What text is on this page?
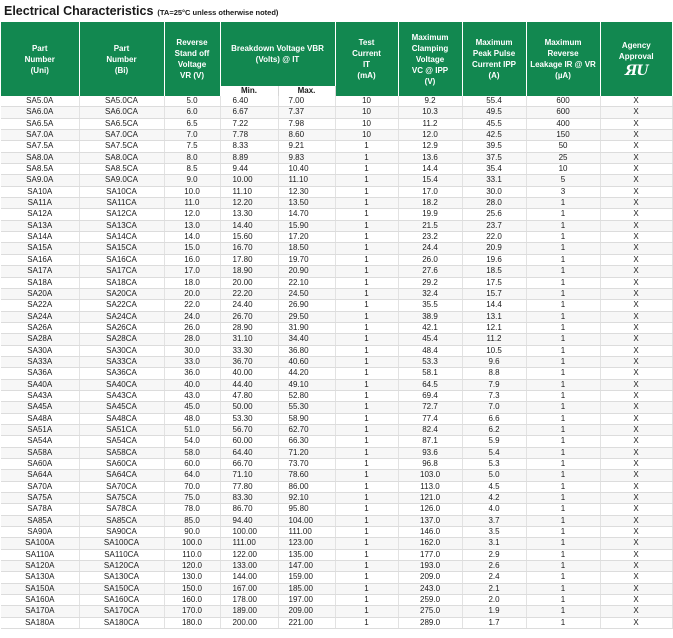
Electrical Characteristics (TA=25°C unless otherwise noted)
Part
Number
(Uni)	Part
Number
(Bi)	Reverse
Stand off
Voltage
VR (V)	Breakdown Voltage VBR
(Volts) @ IT		Test
Current
IT
(mA)	Maximum
Clamping
Voltage
VC @ IPP
(V)	Maximum
Peak Pulse
Current IPP
(A)	Maximum
Reverse
Leakage IR @ VR
(µA)	Agency
Approval
ЯU
			Min.	Max.					
SA5.0A	SA5.0CA	5.0	6.40	7.00	10	9.2	55.4	600	X
SA6.0A	SA6.0CA	6.0	6.67	7.37	10	10.3	49.5	600	X
SA6.5A	SA6.5CA	6.5	7.22	7.98	10	11.2	45.5	400	X
SA7.0A	SA7.0CA	7.0	7.78	8.60	10	12.0	42.5	150	X
SA7.5A	SA7.5CA	7.5	8.33	9.21	1	12.9	39.5	50	X
SA8.0A	SA8.0CA	8.0	8.89	9.83	1	13.6	37.5	25	X
SA8.5A	SA8.5CA	8.5	9.44	10.40	1	14.4	35.4	10	X
SA9.0A	SA9.0CA	9.0	10.00	11.10	1	15.4	33.1	5	X
SA10A	SA10CA	10.0	11.10	12.30	1	17.0	30.0	3	X
SA11A	SA11CA	11.0	12.20	13.50	1	18.2	28.0	1	X
SA12A	SA12CA	12.0	13.30	14.70	1	19.9	25.6	1	X
SA13A	SA13CA	13.0	14.40	15.90	1	21.5	23.7	1	X
SA14A	SA14CA	14.0	15.60	17.20	1	23.2	22.0	1	X
SA15A	SA15CA	15.0	16.70	18.50	1	24.4	20.9	1	X
SA16A	SA16CA	16.0	17.80	19.70	1	26.0	19.6	1	X
SA17A	SA17CA	17.0	18.90	20.90	1	27.6	18.5	1	X
SA18A	SA18CA	18.0	20.00	22.10	1	29.2	17.5	1	X
SA20A	SA20CA	20.0	22.20	24.50	1	32.4	15.7	1	X
SA22A	SA22CA	22.0	24.40	26.90	1	35.5	14.4	1	X
SA24A	SA24CA	24.0	26.70	29.50	1	38.9	13.1	1	X
SA26A	SA26CA	26.0	28.90	31.90	1	42.1	12.1	1	X
SA28A	SA28CA	28.0	31.10	34.40	1	45.4	11.2	1	X
SA30A	SA30CA	30.0	33.30	36.80	1	48.4	10.5	1	X
SA33A	SA33CA	33.0	36.70	40.60	1	53.3	9.6	1	X
SA36A	SA36CA	36.0	40.00	44.20	1	58.1	8.8	1	X
SA40A	SA40CA	40.0	44.40	49.10	1	64.5	7.9	1	X
SA43A	SA43CA	43.0	47.80	52.80	1	69.4	7.3	1	X
SA45A	SA45CA	45.0	50.00	55.30	1	72.7	7.0	1	X
SA48A	SA48CA	48.0	53.30	58.90	1	77.4	6.6	1	X
SA51A	SA51CA	51.0	56.70	62.70	1	82.4	6.2	1	X
SA54A	SA54CA	54.0	60.00	66.30	1	87.1	5.9	1	X
SA58A	SA58CA	58.0	64.40	71.20	1	93.6	5.4	1	X
SA60A	SA60CA	60.0	66.70	73.70	1	96.8	5.3	1	X
SA64A	SA64CA	64.0	71.10	78.60	1	103.0	5.0	1	X
SA70A	SA70CA	70.0	77.80	86.00	1	113.0	4.5	1	X
SA75A	SA75CA	75.0	83.30	92.10	1	121.0	4.2	1	X
SA78A	SA78CA	78.0	86.70	95.80	1	126.0	4.0	1	X
SA85A	SA85CA	85.0	94.40	104.00	1	137.0	3.7	1	X
SA90A	SA90CA	90.0	100.00	111.00	1	146.0	3.5	1	X
SA100A	SA100CA	100.0	111.00	123.00	1	162.0	3.1	1	X
SA110A	SA110CA	110.0	122.00	135.00	1	177.0	2.9	1	X
SA120A	SA120CA	120.0	133.00	147.00	1	193.0	2.6	1	X
SA130A	SA130CA	130.0	144.00	159.00	1	209.0	2.4	1	X
SA150A	SA150CA	150.0	167.00	185.00	1	243.0	2.1	1	X
SA160A	SA160CA	160.0	178.00	197.00	1	259.0	2.0	1	X
SA170A	SA170CA	170.0	189.00	209.00	1	275.0	1.9	1	X
SA180A	SA180CA	180.0	200.00	221.00	1	289.0	1.7	1	X
